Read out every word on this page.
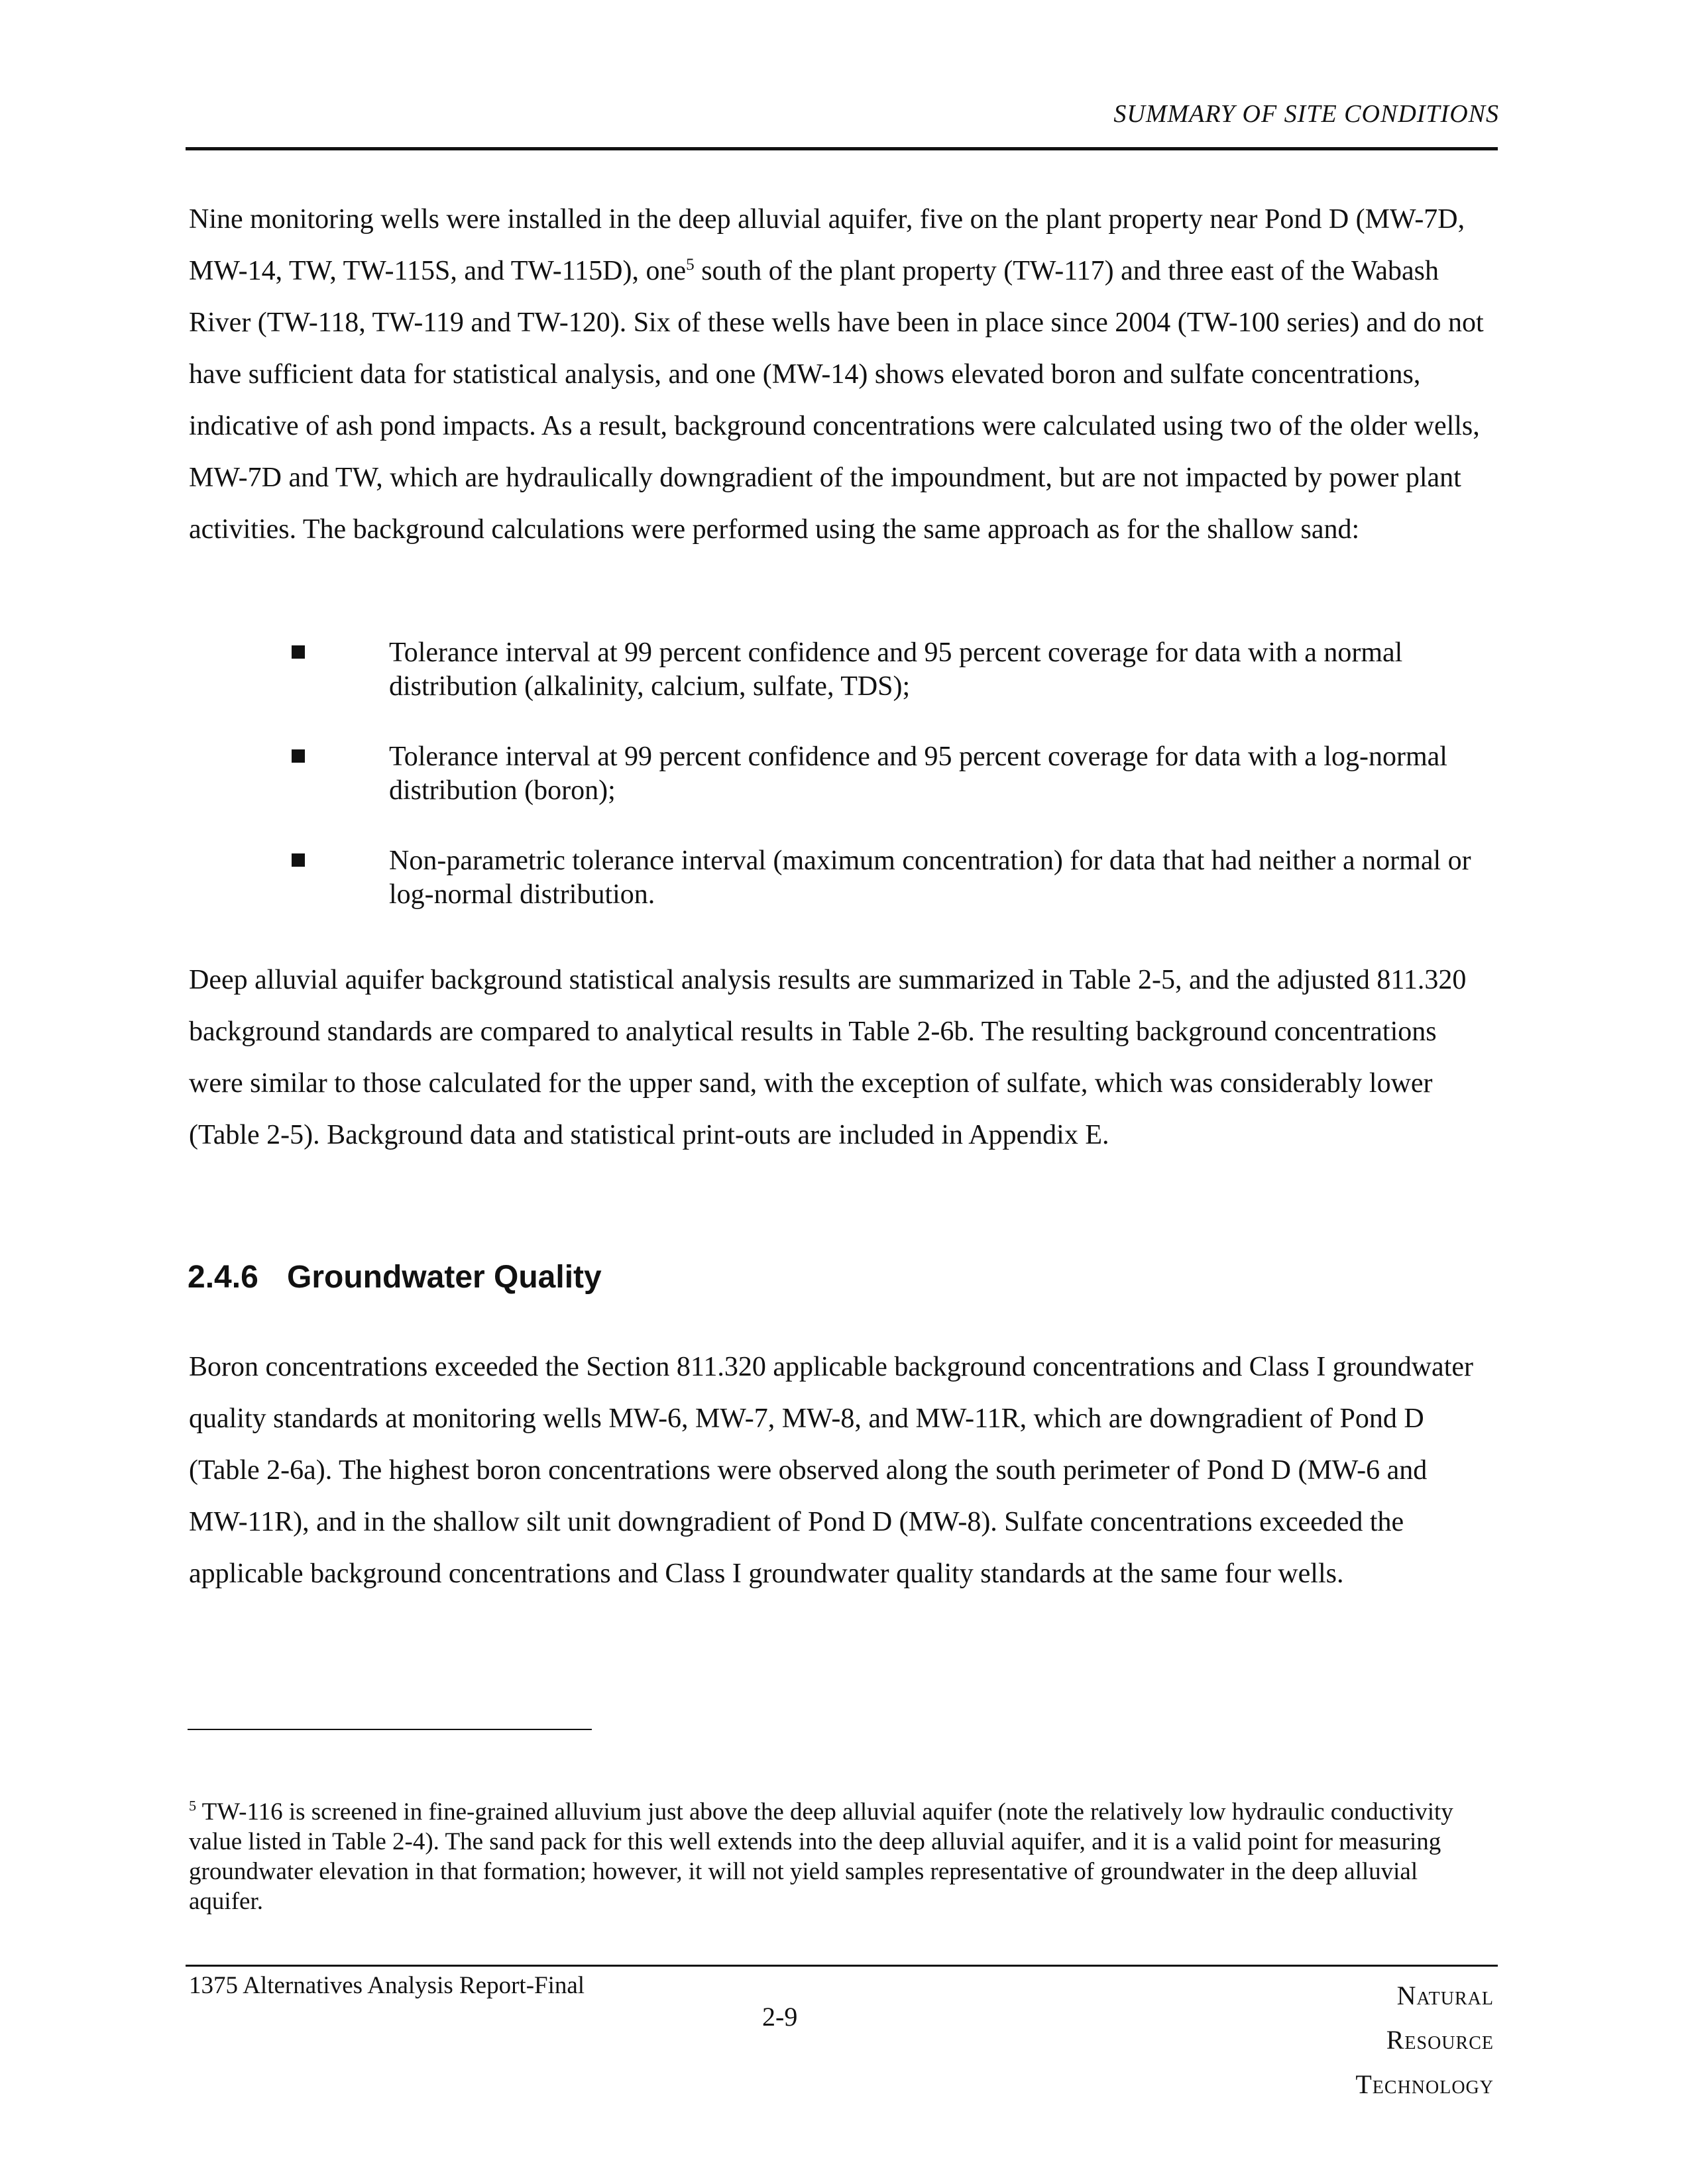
SUMMARY OF SITE CONDITIONS

Nine monitoring wells were installed in the deep alluvial aquifer, five on the plant property near Pond D (MW-7D, MW-14, TW, TW-115S, and TW-115D), one$^5$ south of the plant property (TW-117) and three east of the Wabash River (TW-118, TW-119 and TW-120). Six of these wells have been in place since 2004 (TW-100 series) and do not have sufficient data for statistical analysis, and one (MW-14) shows elevated boron and sulfate concentrations, indicative of ash pond impacts. As a result, background concentrations were calculated using two of the older wells, MW-7D and TW, which are hydraulically downgradient of the impoundment, but are not impacted by power plant activities. The background calculations were performed using the same approach as for the shallow sand:

Tolerance interval at 99 percent confidence and 95 percent coverage for data with a normal distribution (alkalinity, calcium, sulfate, TDS);
Tolerance interval at 99 percent confidence and 95 percent coverage for data with a log-normal distribution (boron);
Non-parametric tolerance interval (maximum concentration) for data that had neither a normal or log-normal distribution.

Deep alluvial aquifer background statistical analysis results are summarized in Table 2-5, and the adjusted 811.320 background standards are compared to analytical results in Table 2-6b. The resulting background concentrations were similar to those calculated for the upper sand, with the exception of sulfate, which was considerably lower (Table 2-5). Background data and statistical print-outs are included in Appendix E.

2.4.6 Groundwater Quality

Boron concentrations exceeded the Section 811.320 applicable background concentrations and Class I groundwater quality standards at monitoring wells MW-6, MW-7, MW-8, and MW-11R, which are downgradient of Pond D (Table 2-6a). The highest boron concentrations were observed along the south perimeter of Pond D (MW-6 and MW-11R), and in the shallow silt unit downgradient of Pond D (MW-8). Sulfate concentrations exceeded the applicable background concentrations and Class I groundwater quality standards at the same four wells.

$^5$ TW-116 is screened in fine-grained alluvium just above the deep alluvial aquifer (note the relatively low hydraulic conductivity value listed in Table 2-4). The sand pack for this well extends into the deep alluvial aquifer, and it is a valid point for measuring groundwater elevation in that formation; however, it will not yield samples representative of groundwater in the deep alluvial aquifer.

1375 Alternatives Analysis Report-Final
2-9
Natural
Resource
Technology
